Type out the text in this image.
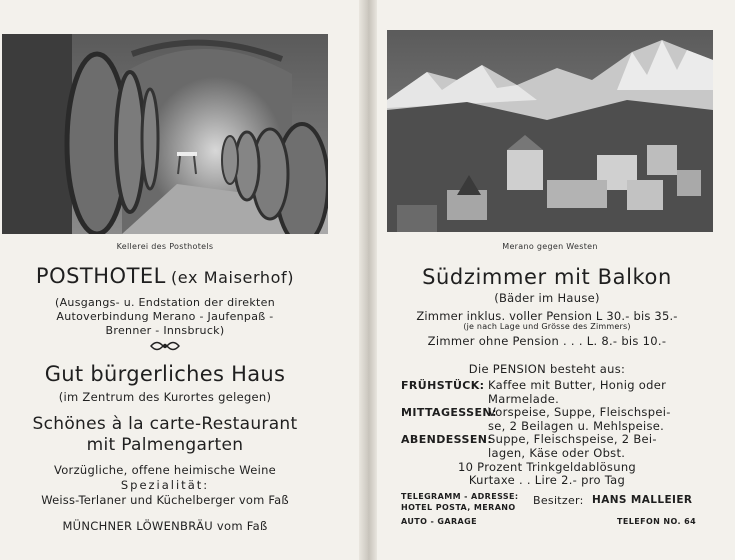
Kellerei des Posthotels
POSTHOTEL (ex Maiserhof)
(Ausgangs- u. Endstation der direkten
Autoverbindung Merano - Jaufenpaß -
Brenner - Innsbruck)
Gut bürgerliches Haus
(im Zentrum des Kurortes gelegen)
Schönes à la carte-Restaurant
mit Palmengarten
Vorzügliche, offene heimische Weine
Spezialität:
Weiss-Terlaner und Küchelberger vom Faß
MÜNCHNER LÖWENBRÄU vom Faß
Merano gegen Westen
Südzimmer mit Balkon
(Bäder im Hause)
Zimmer inklus. voller Pension L 30.- bis 35.-
(je nach Lage und Grösse des Zimmers)
Zimmer ohne Pension . . . L. 8.- bis 10.-
Die PENSION besteht aus:
FRÜHSTÜCK: Kaffee mit Butter, Honig oder
Marmelade.
MITTAGESSEN:
Vorspeise, Suppe, Fleischspei-
se, 2 Beilagen u. Mehlspeise.
ABENDESSEN:
Suppe, Fleischspeise, 2 Bei-
lagen, Käse oder Obst.
10 Prozent Trinkgeldablösung
Kurtaxe . . Lire 2.- pro Tag
TELEGRAMM - ADRESSE:
HOTEL POSTA, MERANO
Besitzer: HANS MALLEIER
AUTO - GARAGE	TELEFON NO. 64
